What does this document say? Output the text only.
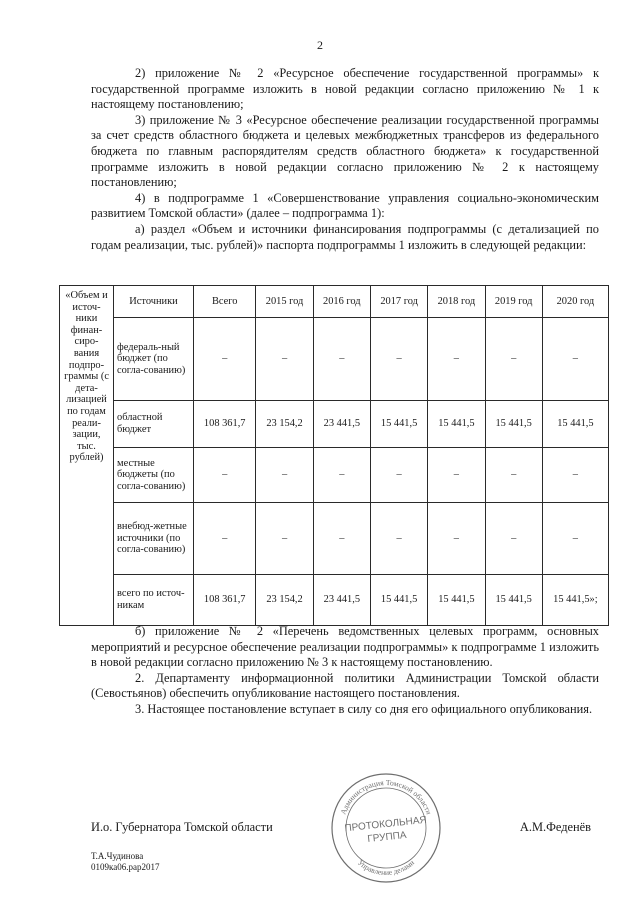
2

2) приложение № 2 «Ресурсное обеспечение государственной программы» к государственной программе изложить в новой редакции согласно приложению № 1 к настоящему постановлению;

3) приложение № 3 «Ресурсное обеспечение реализации государственной программы за счет средств областного бюджета и целевых межбюджетных трансферов из федерального бюджета по главным распорядителям средств областного бюджета» к государственной программе изложить в новой редакции согласно приложению № 2 к настоящему постановлению;

4) в подпрограмме 1 «Совершенствование управления социально-экономическим развитием Томской области» (далее – подпрограмма 1):

а) раздел «Объем и источники финансирования подпрограммы (с детализацией по годам реализации, тыс. рублей)» паспорта подпрограммы 1 изложить в следующей редакции:

«Объем и источ-ники финан-сиро-вания подпро-граммы (с дета-лизацией по годам реали-зации, тыс. рублей)	Источники	Всего	2015 год	2016 год	2017 год	2018 год	2019 год	2020 год
	федераль-ный бюджет (по согла-сованию)	–	–	–	–	–	–	–
	областной бюджет	108 361,7	23 154,2	23 441,5	15 441,5	15 441,5	15 441,5	15 441,5
	местные бюджеты (по согла-сованию)	–	–	–	–	–	–	–
	внебюд-жетные источники (по согла-сованию)	–	–	–	–	–	–	–
	всего по источ-никам	108 361,7	23 154,2	23 441,5	15 441,5	15 441,5	15 441,5	15 441,5»;

б) приложение № 2 «Перечень ведомственных целевых программ, основных мероприятий и ресурсное обеспечение реализации подпрограммы» к подпрограмме 1 изложить в новой редакции согласно приложению № 3 к настоящему постановлению.

2. Департаменту информационной политики Администрации Томской области (Севостьянов) обеспечить опубликование настоящего постановления.

3. Настоящее постановление вступает в силу со дня его официального опубликования.

И.о. Губернатора Томской области	А.М.Феденёв
Т.А.Чудинова
0109ка06.рар2017
Администрация Томской области
Управление делами
ПРОТОКОЛЬНАЯ
ГРУППА
